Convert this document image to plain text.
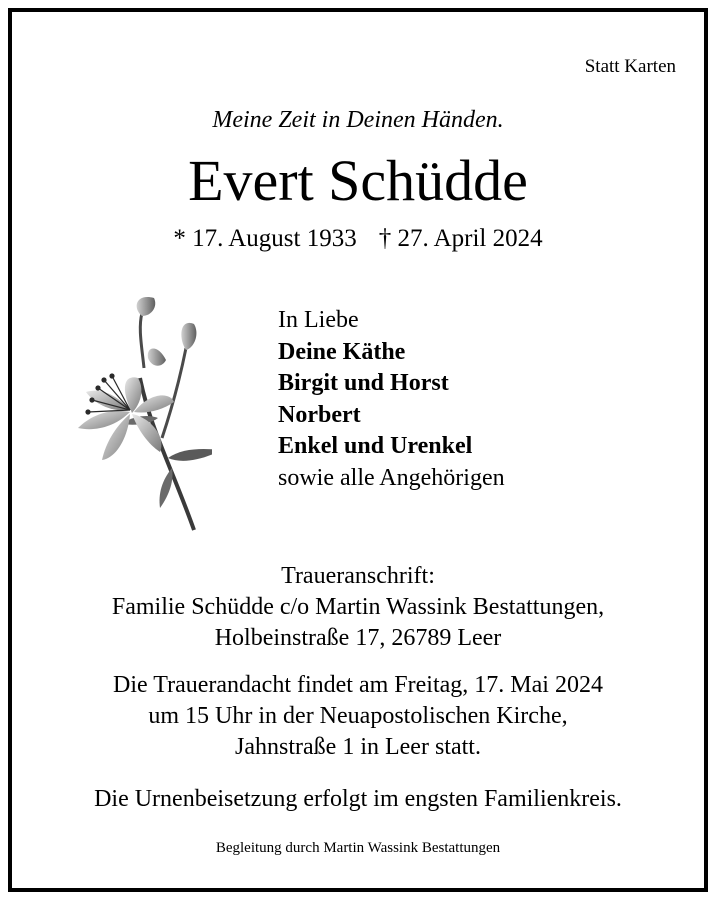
Statt Karten
Meine Zeit in Deinen Händen.
Evert Schüdde
* 17. August 1933 † 27. April 2024
In Liebe
Deine Käthe
Birgit und Horst
Norbert
Enkel und Urenkel
sowie alle Angehörigen
Traueranschrift:
Familie Schüdde c/o Martin Wassink Bestattungen,
Holbeinstraße 17, 26789 Leer
Die Trauerandacht findet am Freitag, 17. Mai 2024
um 15 Uhr in der Neuapostolischen Kirche,
Jahnstraße 1 in Leer statt.
Die Urnenbeisetzung erfolgt im engsten Familienkreis.
Begleitung durch Martin Wassink Bestattungen
